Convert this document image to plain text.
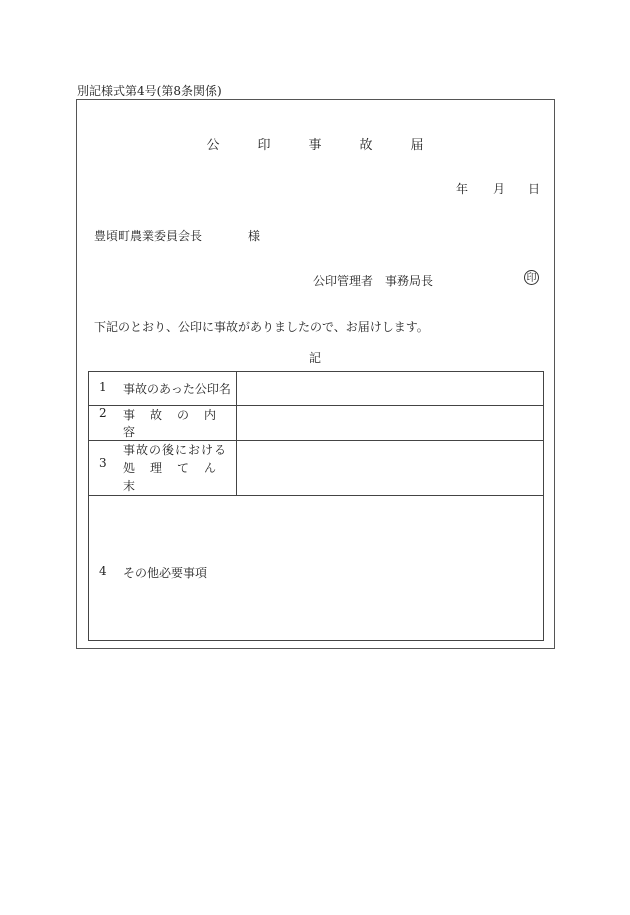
別記様式第4号(第8条関係)
公	印	事	故	届
年 月 日
豊頃町農業委員会長	様
公印管理者　事務局長	印
下記のとおり、公印に事故がありましたので、お届けします。
記
1 事故のあった公印名	

2 事 故 の 内容	

3
事故の後における
処 理 て ん末	

4 その他必要事項	
